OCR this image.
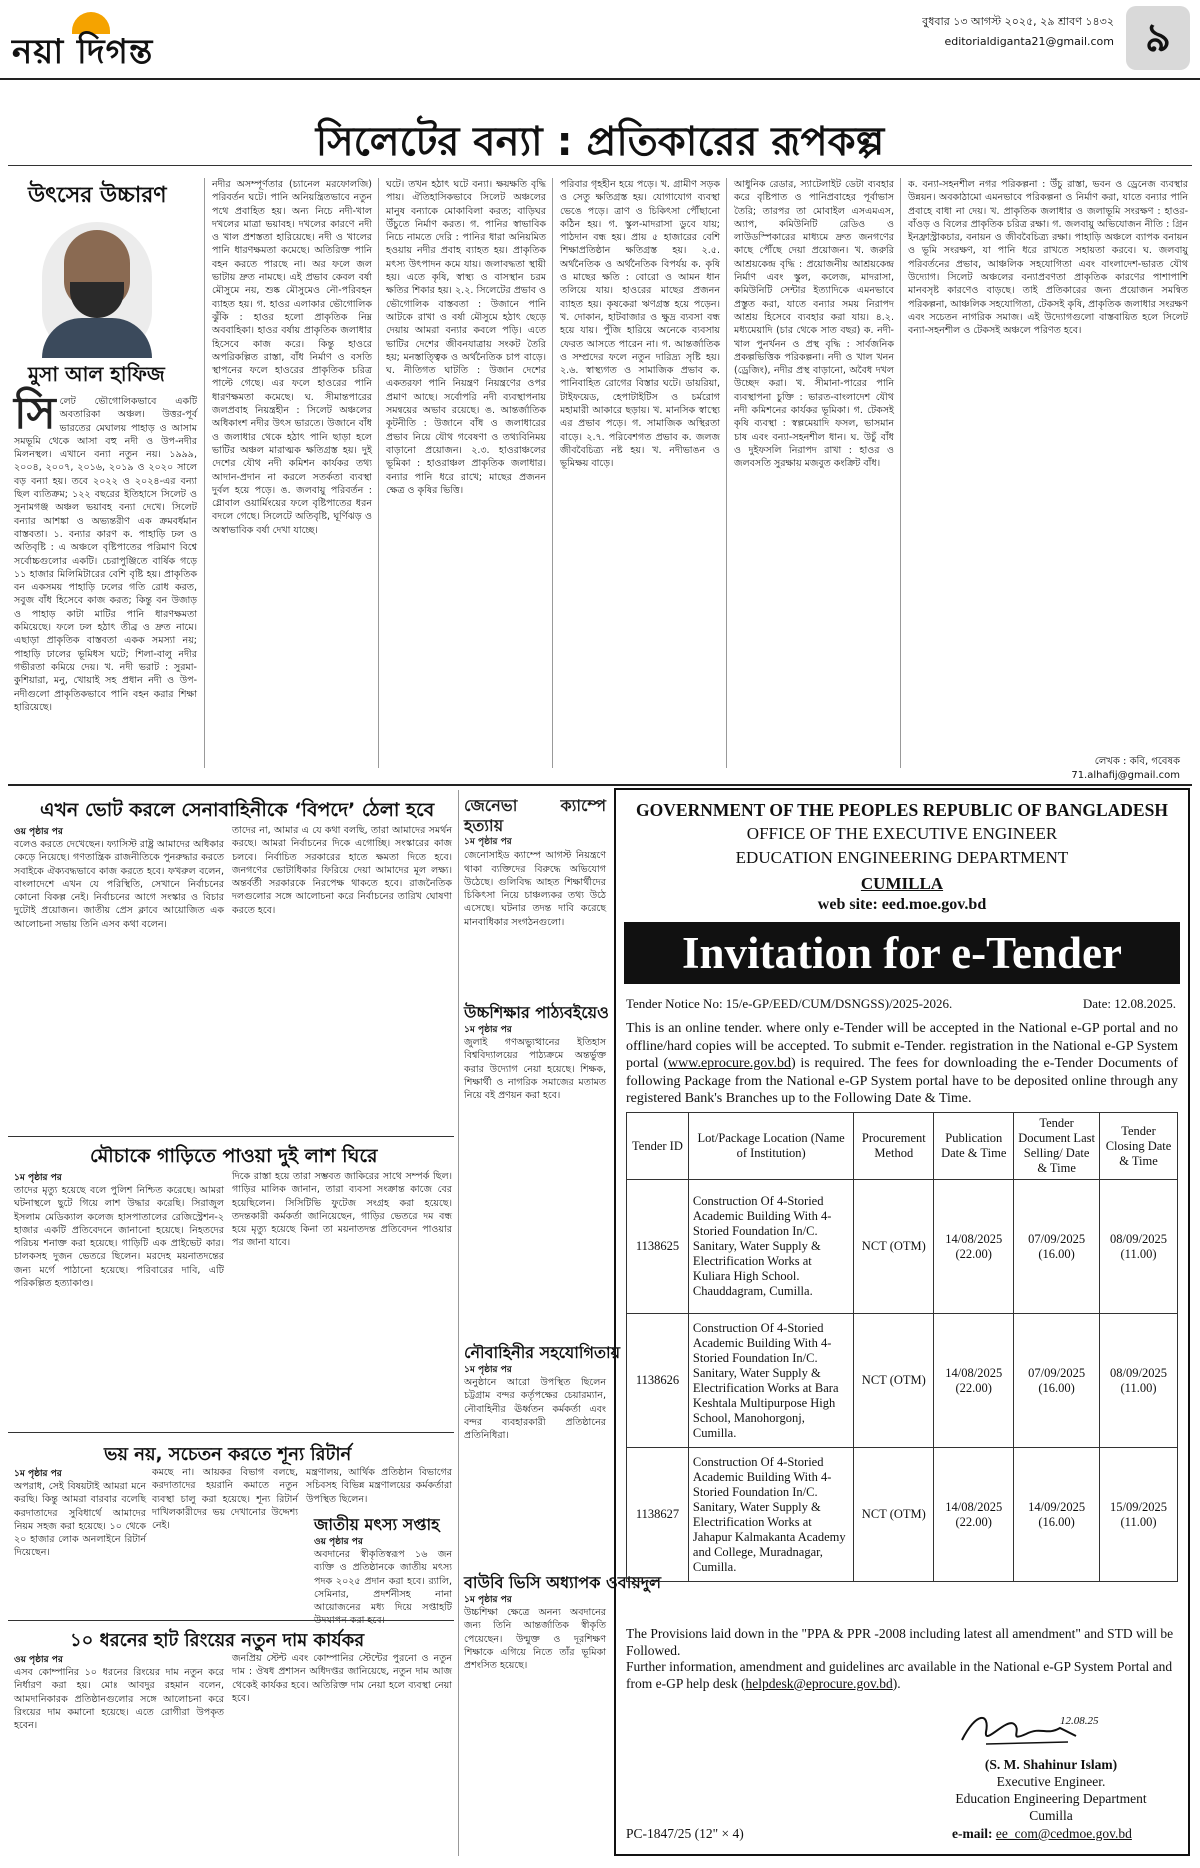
নয়া দিগন্ত
বুধবার ১৩ আগস্ট ২০২৫, ২৯ শ্রাবণ ১৪৩২
editorialdiganta21@gmail.com ৯
সিলেটের বন্যা : প্রতিকারের রূপকল্প
উৎসের উচ্চারণ
মুসা আল হাফিজ
সিলেট ভৌগোলিকভাবে একটি অবতারিকা অঞ্চল। উত্তর-পূর্ব ভারতের মেঘালয় পাহাড় ও আসাম সমভূমি থেকে আসা বহু নদী ও উপ-নদীর মিলনস্থল। এখানে বন্যা নতুন নয়। ১৯৯৯, ২০০৪, ২০০৭, ২০১৬, ২০১৯ ও ২০২০ সালে বড় বন্যা হয়। তবে ২০২২ ও ২০২৪-এর বন্যা ছিল ব্যতিক্রম; ১২২ বছরের ইতিহাসে সিলেট ও সুনামগঞ্জ অঞ্চল ভয়াবহ বন্যা দেখে। সিলেট বন্যার আশঙ্কা ও অভ্যন্তরীণ এক ক্রমবর্ধমান বাস্তবতা। ১. বন্যার কারণ ক. পাহাড়ি ঢল ও অতিবৃষ্টি : এ অঞ্চলে বৃষ্টিপাতের পরিমাণ বিশ্বে সর্বোচ্চগুলোর একটি। চেরাপুঞ্জিতে বার্ষিক গড়ে ১১ হাজার মিলিমিটারের বেশি বৃষ্টি হয়। প্রাকৃতিক বন একসময় পাহাড়ি ঢলের গতি রোধ করত, সবুজ বাঁধ হিসেবে কাজ করত; কিন্তু বন উজাড় ও পাহাড় কাটা মাটির পানি ধারণক্ষমতা কমিয়েছে। ফলে ঢল হঠাৎ তীব্র ও দ্রুত নামে। এছাড়া প্রাকৃতিক বাস্তবতা একক সমস্যা নয়; পাহাড়ি ঢালের ভূমিধস ঘটে; শিলা-বালু নদীর গভীরতা কমিয়ে দেয়। খ. নদী ভরাট : সুরমা-কুশিয়ারা, মনু, খোয়াই সহ প্রধান নদী ও উপ-নদীগুলো প্রাকৃতিকভাবে পানি বহন করার শিক্ষা হারিয়েছে।
নদীর অসম্পূর্ণতার (চ্যানেল মরফোলজি) পরিবর্তন ঘটে। পানি অনিয়ন্ত্রিতভাবে নতুন পথে প্রবাহিত হয়। অন্য নিচে নদী-খাল দখলের মাত্রা ভয়াবহ। দখলের কারণে নদী ও খাল প্রশস্ততা হারিয়েছে। নদী ও খালের পানি ধারণক্ষমতা কমেছে। অতিরিক্ত পানি বহন করতে পারছে না। অর ফলে জল ভাটায় দ্রুত নামছে। এই প্রভাব কেবল বর্ষা মৌসুমে নয়, শুষ্ক মৌসুমেও নৌ-পরিবহন ব্যাহত হয়। গ. হাওর এলাকার ভৌগোলিক ঝুঁকি : হাওর হলো প্রাকৃতিক নিম্ন অববাহিকা। হাওর বর্ষায় প্রাকৃতিক জলাধার হিসেবে কাজ করে। কিন্তু হাওরে অপরিকল্পিত রাস্তা, বাঁধ নির্মাণ ও বসতি স্থাপনের ফলে হাওরের প্রাকৃতিক চরিত্র পাল্টে গেছে। এর ফলে হাওরের পানি ধারণক্ষমতা কমেছে। ঘ. সীমান্তপারের জলপ্রবাহ নিয়ন্ত্রহীন : সিলেট অঞ্চলের অধিকাংশ নদীর উৎস ভারতে। উজানে বাঁধ ও জলাধার থেকে হঠাৎ পানি ছাড়া হলে ভাটির অঞ্চল মারাত্মক ক্ষতিগ্রস্ত হয়। দুই দেশের যৌথ নদী কমিশন কার্যকর তথ্য আদান-প্রদান না করলে সতর্কতা ব্যবস্থা দুর্বল হয়ে পড়ে। ঙ. জলবায়ু পরিবর্তন : গ্লোবাল ওয়ার্মিংয়ের ফলে বৃষ্টিপাতের ধরন বদলে গেছে। সিলেটে অতিবৃষ্টি, ঘূর্ণিঝড় ও অস্বাভাবিক বর্ষা দেখা যাচ্ছে।
ঘটে। তখন হঠাৎ ঘটে বন্যা। ক্ষয়ক্ষতি বৃদ্ধি পায়। ঐতিহাসিকভাবে সিলেট অঞ্চলের মানুষ বন্যাকে মোকাবিলা করত; বাড়িঘর উঁচুতে নির্মাণ করত। গ. পানির স্বাভাবিক নিচে নামতে দেরি : পানির ধারা অনিয়মিত হওয়ায় নদীর প্রবাহ ব্যাহত হয়। প্রাকৃতিক মৎস্য উৎপাদন কমে যায়। জলাবদ্ধতা স্থায়ী হয়। এতে কৃষি, স্বাস্থ্য ও বাসস্থান চরম ক্ষতির শিকার হয়। ২.২. সিলেটের প্রভাব ও ভৌগোলিক বাস্তবতা : উজানে পানি আটকে রাখা ও বর্ষা মৌসুমে হঠাৎ ছেড়ে দেয়ায় আমরা বন্যার কবলে পড়ি। এতে ভাটির দেশের জীবনযাত্রায় সংকট তৈরি হয়; মনস্তাত্ত্বিক ও অর্থনৈতিক চাপ বাড়ে। ঘ. নীতিগত ঘাটতি : উজান দেশের একতরফা পানি নিয়ন্ত্রণ নিয়ন্ত্রণের ওপর প্রমাণ আছে। সর্বোপরি নদী ব্যবস্থাপনায় সমন্বয়ের অভাব রয়েছে। ঙ. আন্তর্জাতিক কূটনীতি : উজানে বাঁধ ও জলাধারের প্রভাব নিয়ে যৌথ গবেষণা ও তথ্যবিনিময় বাড়ানো প্রয়োজন। ২.৩. হাওরাঞ্চলের ভূমিকা : হাওরাঞ্চল প্রাকৃতিক জলাধার। বন্যার পানি ধরে রাখে; মাছের প্রজনন ক্ষেত্র ও কৃষির ভিত্তি।
পরিবার গৃহহীন হয়ে পড়ে। খ. গ্রামীণ সড়ক ও সেতু ক্ষতিগ্রস্ত হয়। যোগাযোগ ব্যবস্থা ভেঙে পড়ে। ত্রাণ ও চিকিৎসা পৌঁছানো কঠিন হয়। গ. স্কুল-মাদরাসা ডুবে যায়; পাঠদান বন্ধ হয়। প্রায় ৫ হাজারের বেশি শিক্ষাপ্রতিষ্ঠান ক্ষতিগ্রস্ত হয়। ২.৫. অর্থনৈতিক ও অর্থনৈতিক বিপর্যয় ক. কৃষি ও মাছের ক্ষতি : বোরো ও আমন ধান তলিয়ে যায়। হাওরের মাছের প্রজনন ব্যাহত হয়। কৃষকেরা ঋণগ্রস্ত হয়ে পড়েন। খ. দোকান, হাটবাজার ও ক্ষুদ্র ব্যবসা বন্ধ হয়ে যায়। পুঁজি হারিয়ে অনেকে ব্যবসায় ফেরত আসতে পারেন না। গ. আন্তর্জাতিক ও সম্প্রদের ফলে নতুন দারিদ্র্য সৃষ্টি হয়। ২.৬. স্বাস্থ্যগত ও সামাজিক প্রভাব ক. পানিবাহিত রোগের বিস্তার ঘটে। ডায়রিয়া, টাইফয়েড, হেপাটাইটিস ও চর্মরোগ মহামারী আকারে ছড়ায়। খ. মানসিক স্বাস্থ্যে এর প্রভাব পড়ে। গ. সামাজিক অস্থিরতা বাড়ে। ২.৭. পরিবেশগত প্রভাব ক. জলজ জীববৈচিত্র্য নষ্ট হয়। খ. নদীভাঙন ও ভূমিক্ষয় বাড়ে।
আধুনিক রেডার, স্যাটেলাইট ডেটা ব্যবহার করে বৃষ্টিপাত ও পানিপ্রবাহের পূর্বাভাস তৈরি; তারপর তা মোবাইল এসএমএস, অ্যাপ, কমিউনিটি রেডিও ও লাউডস্পিকারের মাধ্যমে দ্রুত জনগণের কাছে পৌঁছে দেয়া প্রয়োজন। খ. জরুরি আশ্রয়কেন্দ্র বৃদ্ধি : প্রয়োজনীয় আশ্রয়কেন্দ্র নির্মাণ এবং স্কুল, কলেজ, মাদরাসা, কমিউনিটি সেন্টার ইত্যাদিকে এমনভাবে প্রস্তুত করা, যাতে বন্যার সময় নিরাপদ আশ্রয় হিসেবে ব্যবহার করা যায়। ৪.২. মধ্যমেয়াদি (চার থেকে সাত বছর) ক. নদী-খাল পুনর্খনন ও প্রস্থ বৃদ্ধি : সার্বজনিক প্রকল্পভিত্তিক পরিকল্পনা। নদী ও খাল খনন (ড্রেজিং), নদীর প্রস্থ বাড়ানো, অবৈধ দখল উচ্ছেদ করা। খ. সীমানা-পারের পানি ব্যবস্থাপনা চুক্তি : ভারত-বাংলাদেশ যৌথ নদী কমিশনের কার্যকর ভূমিকা। গ. টেকসই কৃষি ব্যবস্থা : স্বল্পমেয়াদি ফসল, ভাসমান চাষ এবং বন্যা-সহনশীল ধান। ঘ. উচুঁ বাঁধ ও দুইফসলি নিরাপদ রাখা : হাওর ও জলবসতি সুরক্ষায় মজবুত কংক্রিট বাঁধ।
ক. বন্যা-সহনশীল নগর পরিকল্পনা : উঁচু রাস্তা, ভবন ও ড্রেনেজ ব্যবস্থার উন্নয়ন। অবকাঠামো এমনভাবে পরিকল্পনা ও নির্মাণ করা, যাতে বন্যার পানি প্রবাহে বাধা না দেয়। খ. প্রাকৃতিক জলাধার ও জলাভূমি সংরক্ষণ : হাওর-বাঁওড় ও বিলের প্রাকৃতিক চরিত্র রক্ষা। গ. জলবায়ু অভিযোজন নীতি : গ্রিন ইনফ্রাস্ট্রাকচার, বনায়ন ও জীববৈচিত্র্য রক্ষা। পাহাড়ি অঞ্চলে ব্যাপক বনায়ন ও ভূমি সংরক্ষণ, যা পানি ধরে রাখতে সহায়তা করবে। ঘ. জলবায়ু পরিবর্তনের প্রভাব, আঞ্চলিক সহযোগিতা এবং বাংলাদেশ-ভারত যৌথ উদ্যোগ। সিলেট অঞ্চলের বন্যাপ্রবণতা প্রাকৃতিক কারণের পাশাপাশি মানবসৃষ্ট কারণেও বাড়ছে। তাই প্রতিকারের জন্য প্রয়োজন সমন্বিত পরিকল্পনা, আঞ্চলিক সহযোগিতা, টেকসই কৃষি, প্রাকৃতিক জলাধার সংরক্ষণ এবং সচেতন নাগরিক সমাজ। এই উদ্যোগগুলো বাস্তবায়িত হলে সিলেট বন্যা-সহনশীল ও টেকসই অঞ্চলে পরিণত হবে।
লেখক : কবি, গবেষক
71.alhafij@gmail.com
এখন ভোট করলে সেনাবাহিনীকে ‘বিপদে’ ঠেলা হবে
ওয় পৃষ্ঠার পর
বলেও করতে দেখেছেন। ফ্যাসিস্ট রাষ্ট্র আমাদের অধিকার কেড়ে নিয়েছে। গণতান্ত্রিক রাজনীতিকে পুনরুদ্ধার করতে সবাইকে ঐক্যবদ্ধভাবে কাজ করতে হবে। ফখরুল বলেন, বাংলাদেশে এখন যে পরিস্থিতি, সেখানে নির্বাচনের কোনো বিকল্প নেই। নির্বাচনের আগে সংস্কার ও বিচার দুটোই প্রয়োজন। জাতীয় প্রেস ক্লাবে আয়োজিত এক আলোচনা সভায় তিনি এসব কথা বলেন।
তাদের না, আমার এ যে কথা বলছি, তারা আমাদের সমর্থন করছে। আমরা নির্বাচনের দিকে এগোচ্ছি। সংস্কারের কাজ চলবে। নির্বাচিত সরকারের হাতে ক্ষমতা দিতে হবে। জনগণের ভোটাধিকার ফিরিয়ে দেয়া আমাদের মূল লক্ষ্য। অন্তর্বর্তী সরকারকে নিরপেক্ষ থাকতে হবে। রাজনৈতিক দলগুলোর সঙ্গে আলোচনা করে নির্বাচনের তারিখ ঘোষণা করতে হবে।
জেনেভা ক্যাম্পে হত্যায়
১ম পৃষ্ঠার পর
জেনোসাইড ক্যাম্পে আগস্ট নিয়ন্ত্রণে থাকা ব্যক্তিদের বিরুদ্ধে অভিযোগ উঠেছে। গুলিবিদ্ধ আহত শিক্ষার্থীদের চিকিৎসা নিয়ে চাঞ্চল্যকর তথ্য উঠে এসেছে। ঘটনার তদন্ত দাবি করেছে মানবাধিকার সংগঠনগুলো।
উচ্চশিক্ষার পাঠ্যবইয়েও
১ম পৃষ্ঠার পর
জুলাই গণঅভ্যুত্থানের ইতিহাস বিশ্ববিদ্যালয়ের পাঠ্যক্রমে অন্তর্ভুক্ত করার উদ্যোগ নেয়া হয়েছে। শিক্ষক, শিক্ষার্থী ও নাগরিক সমাজের মতামত নিয়ে বই প্রণয়ন করা হবে।
নৌবাহিনীর সহযোগিতায়
১ম পৃষ্ঠার পর
অনুষ্ঠানে আরো উপস্থিত ছিলেন চট্টগ্রাম বন্দর কর্তৃপক্ষের চেয়ারম্যান, নৌবাহিনীর ঊর্ধ্বতন কর্মকর্তা এবং বন্দর ব্যবহারকারী প্রতিষ্ঠানের প্রতিনিধিরা।
বাউবি ভিসি অধ্যাপক ওবায়দুল
১ম পৃষ্ঠার পর
উচ্চশিক্ষা ক্ষেত্রে অনন্য অবদানের জন্য তিনি আন্তর্জাতিক স্বীকৃতি পেয়েছেন। উন্মুক্ত ও দূরশিক্ষণ শিক্ষাকে এগিয়ে নিতে তাঁর ভূমিকা প্রশংসিত হয়েছে।
মৌচাকে গাড়িতে পাওয়া দুই লাশ ঘিরে
১ম পৃষ্ঠার পর
তাদের মৃত্যু হয়েছে বলে পুলিশ নিশ্চিত করেছে। আমরা ঘটনাস্থলে ছুটে গিয়ে লাশ উদ্ধার করেছি। সিরাজুল ইসলাম মেডিক্যাল কলেজ হাসপাতালের রেজিস্ট্রেশন-২ হাজার একটি প্রতিবেদনে জানানো হয়েছে। নিহতদের পরিচয় শনাক্ত করা হয়েছে। গাড়িটি এক প্রাইভেট কার। চালকসহ দুজন ভেতরে ছিলেন। মরদেহ ময়নাতদন্তের জন্য মর্গে পাঠানো হয়েছে। পরিবারের দাবি, এটি পরিকল্পিত হত্যাকাণ্ড।
দিকে রাস্তা হয়ে তারা সম্ভবত জাকিরের সাথে সম্পর্ক ছিল। গাড়ির মালিক জানান, তারা ব্যবসা সংক্রান্ত কাজে বের হয়েছিলেন। সিসিটিভি ফুটেজ সংগ্রহ করা হয়েছে। তদন্তকারী কর্মকর্তা জানিয়েছেন, গাড়ির ভেতরে দম বন্ধ হয়ে মৃত্যু হয়েছে কিনা তা ময়নাতদন্ত প্রতিবেদন পাওয়ার পর জানা যাবে।
ভয় নয়, সচেতন করতে শূন্য রিটার্ন
১ম পৃষ্ঠার পর
অপরাধ, সেই বিষয়টাই আমরা মনে করছি। কিন্তু আমরা বারবার বলেছি করদাতাদের সুবিধার্থে আমাদের নিয়ম সহজ করা হয়েছে। ১০ থেকে ২০ হাজার লোক অনলাইনে রিটার্ন দিয়েছেন।
কমছে না। আয়কর বিভাগ বলছে, করদাতাদের হয়রানি কমাতে নতুন ব্যবস্থা চালু করা হয়েছে। শূন্য রিটার্ন দাখিলকারীদের ভয় দেখানোর উদ্দেশ্য নেই।
মন্ত্রণালয়, আর্থিক প্রতিষ্ঠান বিভাগের সচিবসহ বিভিন্ন মন্ত্রণালয়ের কর্মকর্তারা উপস্থিত ছিলেন।
জাতীয় মৎস্য সপ্তাহ
ওয় পৃষ্ঠার পর
অবদানের স্বীকৃতিস্বরূপ ১৬ জন ব্যক্তি ও প্রতিষ্ঠানকে জাতীয় মৎস্য পদক ২০২৫ প্রদান করা হবে। র‍্যালি, সেমিনার, প্রদর্শনীসহ নানা আয়োজনের মধ্য দিয়ে সপ্তাহটি
১০ ধরনের হাট রিংয়ের নতুন দাম কার্যকর
ওয় পৃষ্ঠার পর
এসব কোম্পানির ১০ ধরনের রিংয়ের দাম নতুন করে নির্ধারণ করা হয়। মোঃ আবদুর রহমান বলেন, আমদানিকারক প্রতিষ্ঠানগুলোর সঙ্গে আলোচনা করে রিংয়ের দাম কমানো হয়েছে। এতে রোগীরা উপকৃত হবেন।
জনপ্রিয় স্টেন্ট এবং কোম্পানির স্টেন্টের পুরনো ও নতুন দাম : ঔষধ প্রশাসন অধিদপ্তর জানিয়েছে, নতুন দাম আজ থেকেই কার্যকর হবে। অতিরিক্ত দাম নেয়া হলে ব্যবস্থা নেয়া হবে।
GOVERNMENT OF THE PEOPLES REPUBLIC OF BANGLADESH
OFFICE OF THE EXECUTIVE ENGINEER
EDUCATION ENGINEERING DEPARTMENT
CUMILLA
web site: eed.moe.gov.bd
Invitation for e-Tender
Tender Notice No: 15/e-GP/EED/CUM/DSNGSS)/2025-2026.	Date: 12.08.2025.
This is an online tender. where only e-Tender will be accepted in the National e-GP portal and no offline/hard copies will be accepted. To submit e-Tender. registration in the National e-GP System portal (www.eprocure.gov.bd) is required. The fees for downloading the e-Tender Documents of following Package from the National e-GP System portal have to be deposited online through any registered Bank's Branches up to the Following Date & Time.
Tender ID	Lot/Package Location (Name of Institution)	Procurement Method	Publication Date & Time	Tender Document Last Selling/ Date & Time	Tender Closing Date & Time
1138625	Construction Of 4-Storied Academic Building With 4-Storied Foundation In/C. Sanitary, Water Supply & Electrification Works at Kuliara High School. Chauddagram, Cumilla.	NCT (OTM)	14/08/2025 (22.00)	07/09/2025 (16.00)	08/09/2025 (11.00)
1138626	Construction Of 4-Storied Academic Building With 4-Storied Foundation In/C. Sanitary, Water Supply & Electrification Works at Bara Keshtala Multipurpose High School, Manohorgonj, Cumilla.	NCT (OTM)	14/08/2025 (22.00)	07/09/2025 (16.00)	08/09/2025 (11.00)
1138627	Construction Of 4-Storied Academic Building With 4-Storied Foundation In/C. Sanitary, Water Supply & Electrification Works at Jahapur Kalmakanta Academy and College, Muradnagar, Cumilla.	NCT (OTM)	14/08/2025 (22.00)	14/09/2025 (16.00)	15/09/2025 (11.00)
The Provisions laid down in the "PPA & PPR -2008 including latest all amendment" and STD will be Followed.
Further information, amendment and guidelines arc available in the National e-GP System Portal and from e-GP help desk (helpdesk@eprocure.gov.bd).
12.08.25
(S. M. Shahinur Islam)
Executive Engineer.
Education Engineering Department
Cumilla
PC-1847/25 (12" × 4)	e-mail: ee_com@cedmoe.gov.bd
